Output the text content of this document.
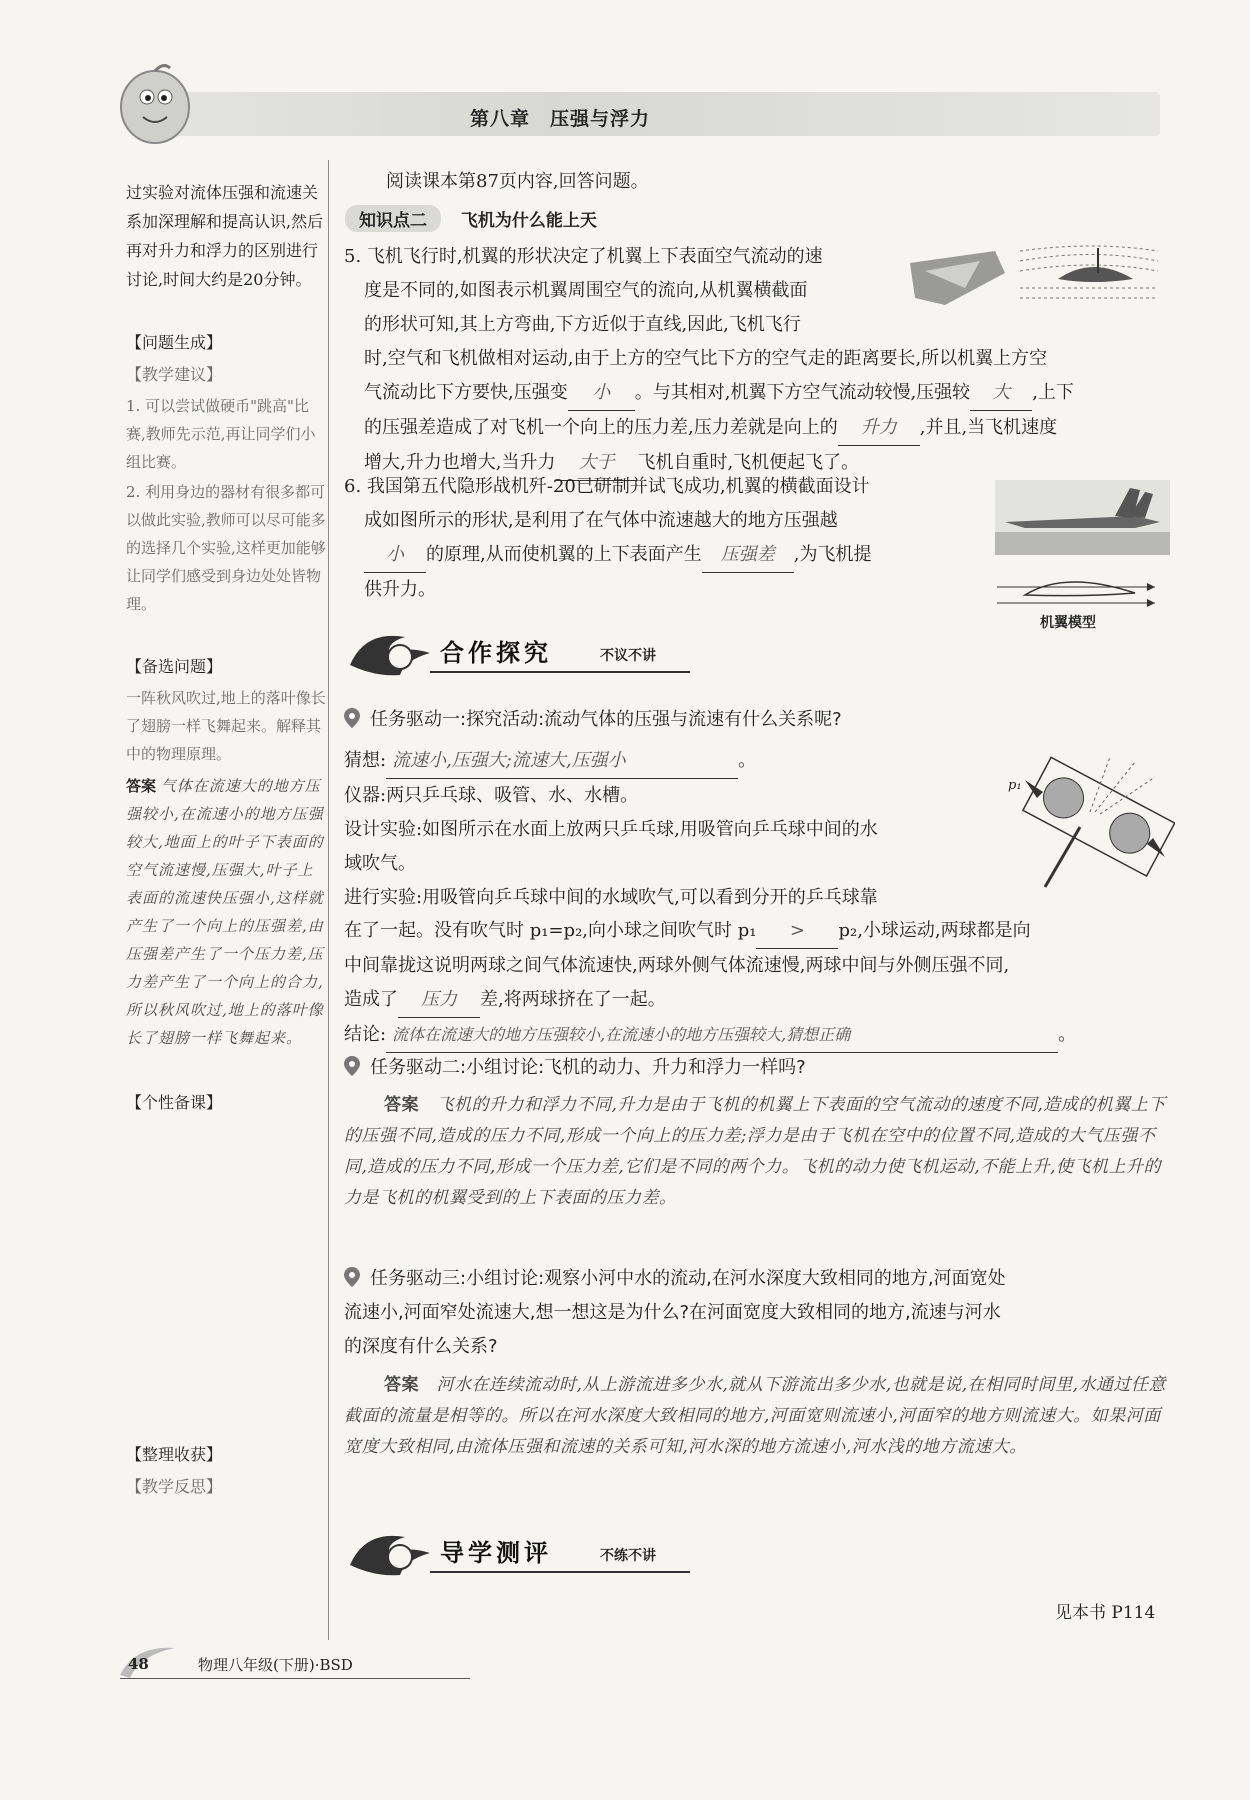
第八章　压强与浮力
过实验对流体压强和流速关系加深理解和提高认识,然后再对升力和浮力的区别进行讨论,时间大约是20分钟。
【问题生成】
【教学建议】
1. 可以尝试做硬币"跳高"比赛,教师先示范,再让同学们小组比赛。
2. 利用身边的器材有很多都可以做此实验,教师可以尽可能多的选择几个实验,这样更加能够让同学们感受到身边处处皆物理。
【备选问题】
一阵秋风吹过,地上的落叶像长了翅膀一样飞舞起来。解释其中的物理原理。
答案 气体在流速大的地方压强较小,在流速小的地方压强较大,地面上的叶子下表面的空气流速慢,压强大,叶子上表面的流速快压强小,这样就产生了一个向上的压强差,由压强差产生了一个压力差,压力差产生了一个向上的合力,所以秋风吹过,地上的落叶像长了翅膀一样飞舞起来。
【个性备课】
【整理收获】
【教学反思】
阅读课本第87页内容,回答问题。
知识点二 飞机为什么能上天
5. 飞机飞行时,机翼的形状决定了机翼上下表面空气流动的速
度是不同的,如图表示机翼周围空气的流向,从机翼横截面
的形状可知,其上方弯曲,下方近似于直线,因此,飞机飞行
时,空气和飞机做相对运动,由于上方的空气比下方的空气走的距离要长,所以机翼上方空
气流动比下方要快,压强变 小 。与其相对,机翼下方空气流动较慢,压强较 大 ,上下
的压强差造成了对飞机一个向上的压力差,压力差就是向上的 升力 ,并且,当飞机速度
增大,升力也增大,当升力 大于 飞机自重时,飞机便起飞了。
6. 我国第五代隐形战机歼-20已研制并试飞成功,机翼的横截面设计
成如图所示的形状,是利用了在气体中流速越大的地方压强越
小 的原理,从而使机翼的上下表面产生 压强差 ,为飞机提
供升力。
机翼模型
合作探究	不议不讲
任务驱动一:探究活动:流动气体的压强与流速有什么关系呢?
猜想: 流速小,压强大;流速大,压强小	。
仪器:两只乒乓球、吸管、水、水槽。
设计实验:如图所示在水面上放两只乒乓球,用吸管向乒乓球中间的水
域吹气。
进行实验:用吸管向乒乓球中间的水域吹气,可以看到分开的乒乓球靠
p₁
在了一起。没有吹气时 p₁=p₂,向小球之间吹气时 p₁ > p₂,小球运动,两球都是向
中间靠拢这说明两球之间气体流速快,两球外侧气体流速慢,两球中间与外侧压强不同,
造成了 压力 差,将两球挤在了一起。
结论: 流体在流速大的地方压强较小,在流速小的地方压强较大,猜想正确	。
任务驱动二:小组讨论:飞机的动力、升力和浮力一样吗?
答案　 飞机的升力和浮力不同,升力是由于飞机的机翼上下表面的空气流动的速度不同,造成的机翼上下的压强不同,造成的压力不同,形成一个向上的压力差;浮力是由于飞机在空中的位置不同,造成的大气压强不同,造成的压力不同,形成一个压力差,它们是不同的两个力。飞机的动力使飞机运动,不能上升,使飞机上升的力是飞机的机翼受到的上下表面的压力差。
任务驱动三:小组讨论:观察小河中水的流动,在河水深度大致相同的地方,河面宽处
流速小,河面窄处流速大,想一想这是为什么?在河面宽度大致相同的地方,流速与河水
的深度有什么关系?
答案　 河水在连续流动时,从上游流进多少水,就从下游流出多少水,也就是说,在相同时间里,水通过任意截面的流量是相等的。所以在河水深度大致相同的地方,河面宽则流速小,河面窄的地方则流速大。如果河面宽度大致相同,由流体压强和流速的关系可知,河水深的地方流速小,河水浅的地方流速大。
导学测评	不练不讲
见本书 P114
48	物理八年级(下册)·BSD
